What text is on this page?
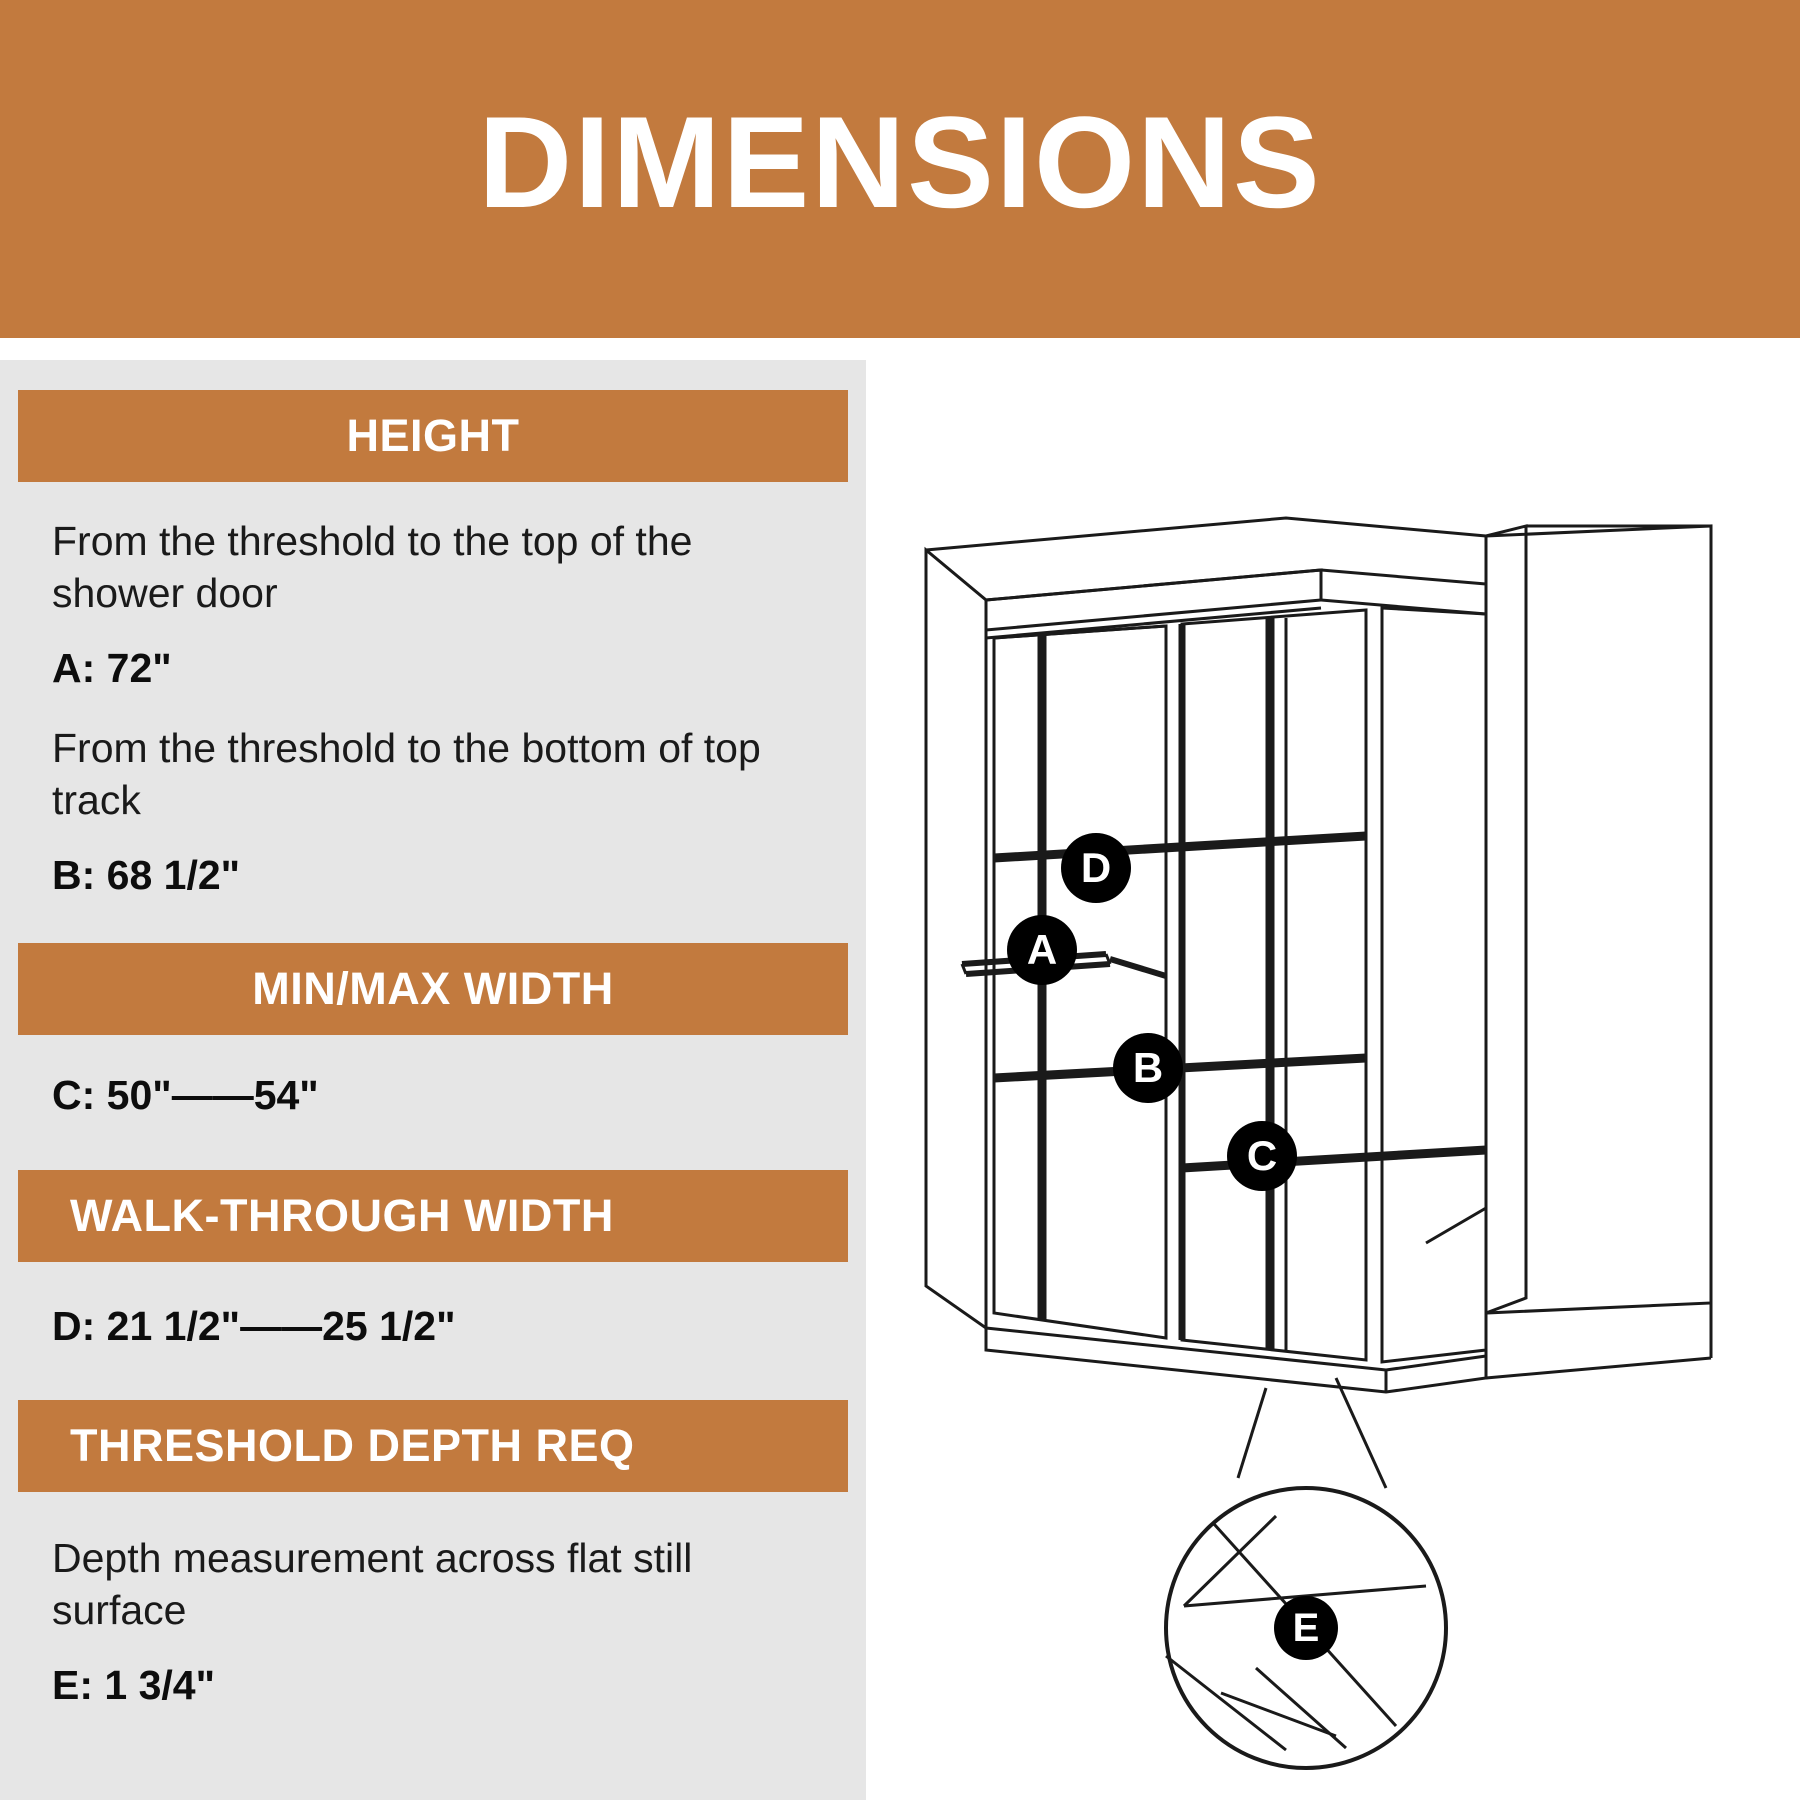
DIMENSIONS
HEIGHT
From the threshold to the top of the shower door
A: 72"
From the threshold to the bottom of top track
B: 68 1/2"
MIN/MAX WIDTH
C: 50"——54"
WALK-THROUGH WIDTH
D: 21 1/2"——25 1/2"
THRESHOLD DEPTH REQ
Depth measurement across flat still surface
E: 1 3/4"
A
D
B
C
E
